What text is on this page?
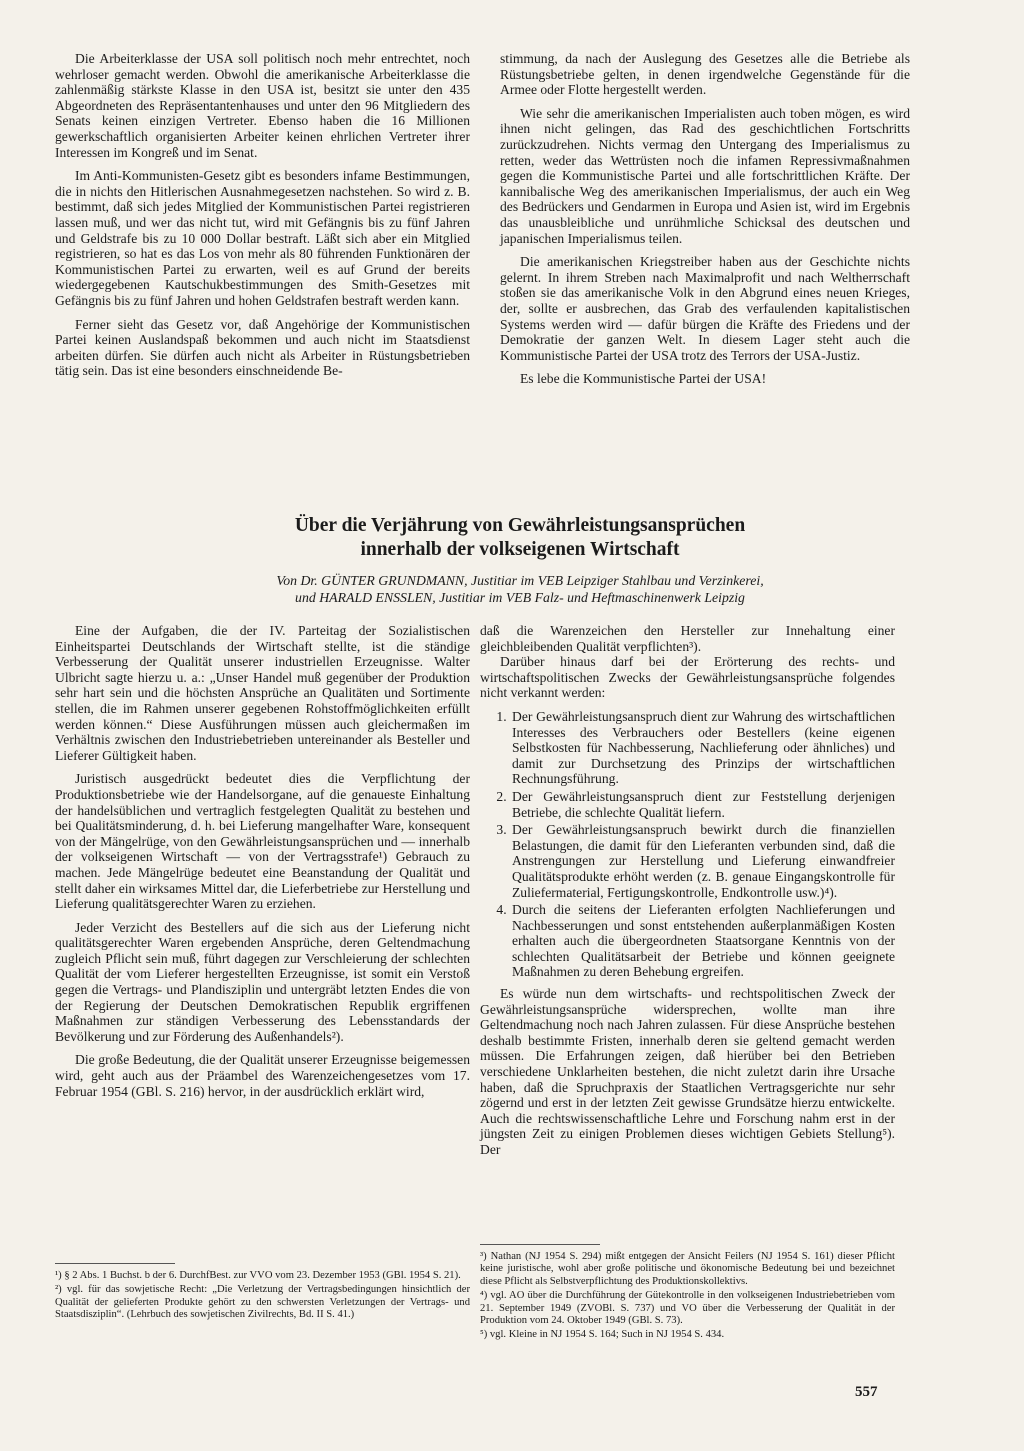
Die Arbeiterklasse der USA soll politisch noch mehr entrechtet, noch wehrloser gemacht werden. Obwohl die amerikanische Arbeiterklasse die zahlenmäßig stärkste Klasse in den USA ist, besitzt sie unter den 435 Abgeordneten des Repräsentantenhauses und unter den 96 Mitgliedern des Senats keinen einzigen Vertreter. Ebenso haben die 16 Millionen gewerkschaftlich organisierten Arbeiter keinen ehrlichen Vertreter ihrer Interessen im Kongreß und im Senat.

Im Anti-Kommunisten-Gesetz gibt es besonders infame Bestimmungen, die in nichts den Hitlerischen Ausnahmegesetzen nachstehen. So wird z. B. bestimmt, daß sich jedes Mitglied der Kommunistischen Partei registrieren lassen muß, und wer das nicht tut, wird mit Gefängnis bis zu fünf Jahren und Geldstrafe bis zu 10 000 Dollar bestraft. Läßt sich aber ein Mitglied registrieren, so hat es das Los von mehr als 80 führenden Funktionären der Kommunistischen Partei zu erwarten, weil es auf Grund der bereits wiedergegebenen Kautschukbestimmungen des Smith-Gesetzes mit Gefängnis bis zu fünf Jahren und hohen Geldstrafen bestraft werden kann.

Ferner sieht das Gesetz vor, daß Angehörige der Kommunistischen Partei keinen Auslandspaß bekommen und auch nicht im Staatsdienst arbeiten dürfen. Sie dürfen auch nicht als Arbeiter in Rüstungsbetrieben tätig sein. Das ist eine besonders einschneidende Be-

stimmung, da nach der Auslegung des Gesetzes alle die Betriebe als Rüstungsbetriebe gelten, in denen irgendwelche Gegenstände für die Armee oder Flotte hergestellt werden.

Wie sehr die amerikanischen Imperialisten auch toben mögen, es wird ihnen nicht gelingen, das Rad des geschichtlichen Fortschritts zurückzudrehen. Nichts vermag den Untergang des Imperialismus zu retten, weder das Wettrüsten noch die infamen Repressivmaßnahmen gegen die Kommunistische Partei und alle fortschrittlichen Kräfte. Der kannibalische Weg des amerikanischen Imperialismus, der auch ein Weg des Bedrückers und Gendarmen in Europa und Asien ist, wird im Ergebnis das unausbleibliche und unrühmliche Schicksal des deutschen und japanischen Imperialismus teilen.

Die amerikanischen Kriegstreiber haben aus der Geschichte nichts gelernt. In ihrem Streben nach Maximalprofit und nach Weltherrschaft stoßen sie das amerikanische Volk in den Abgrund eines neuen Krieges, der, sollte er ausbrechen, das Grab des verfaulenden kapitalistischen Systems werden wird — dafür bürgen die Kräfte des Friedens und der Demokratie der ganzen Welt. In diesem Lager steht auch die Kommunistische Partei der USA trotz des Terrors der USA-Justiz.

Es lebe die Kommunistische Partei der USA!

Über die Verjährung von Gewährleistungsansprüchen
innerhalb der volkseigenen Wirtschaft
Von Dr. GÜNTER GRUNDMANN, Justitiar im VEB Leipziger Stahlbau und Verzinkerei,
und HARALD ENSSLEN, Justitiar im VEB Falz- und Heftmaschinenwerk Leipzig

Eine der Aufgaben, die der IV. Parteitag der Sozialistischen Einheitspartei Deutschlands der Wirtschaft stellte, ist die ständige Verbesserung der Qualität unserer industriellen Erzeugnisse. Walter Ulbricht sagte hierzu u. a.: „Unser Handel muß gegenüber der Produktion sehr hart sein und die höchsten Ansprüche an Qualitäten und Sortimente stellen, die im Rahmen unserer gegebenen Rohstoffmöglichkeiten erfüllt werden können.“ Diese Ausführungen müssen auch gleichermaßen im Verhältnis zwischen den Industriebetrieben untereinander als Besteller und Lieferer Gültigkeit haben.

Juristisch ausgedrückt bedeutet dies die Verpflichtung der Produktionsbetriebe wie der Handelsorgane, auf die genaueste Einhaltung der handelsüblichen und vertraglich festgelegten Qualität zu bestehen und bei Qualitätsminderung, d. h. bei Lieferung mangelhafter Ware, konsequent von der Mängelrüge, von den Gewährleistungsansprüchen und — innerhalb der volkseigenen Wirtschaft — von der Vertragsstrafe¹) Gebrauch zu machen. Jede Mängelrüge bedeutet eine Beanstandung der Qualität und stellt daher ein wirksames Mittel dar, die Lieferbetriebe zur Herstellung und Lieferung qualitätsgerechter Waren zu erziehen.

Jeder Verzicht des Bestellers auf die sich aus der Lieferung nicht qualitätsgerechter Waren ergebenden Ansprüche, deren Geltendmachung zugleich Pflicht sein muß, führt dagegen zur Verschleierung der schlechten Qualität der vom Lieferer hergestellten Erzeugnisse, ist somit ein Verstoß gegen die Vertrags- und Plandisziplin und untergräbt letzten Endes die von der Regierung der Deutschen Demokratischen Republik ergriffenen Maßnahmen zur ständigen Verbesserung des Lebensstandards der Bevölkerung und zur Förderung des Außenhandels²).

Die große Bedeutung, die der Qualität unserer Erzeugnisse beigemessen wird, geht auch aus der Präambel des Warenzeichengesetzes vom 17. Februar 1954 (GBl. S. 216) hervor, in der ausdrücklich erklärt wird,

daß die Warenzeichen den Hersteller zur Innehaltung einer gleichbleibenden Qualität verpflichten³).

Darüber hinaus darf bei der Erörterung des rechts- und wirtschaftspolitischen Zwecks der Gewährleistungsansprüche folgendes nicht verkannt werden:

1. Der Gewährleistungsanspruch dient zur Wahrung des wirtschaftlichen Interesses des Verbrauchers oder Bestellers (keine eigenen Selbstkosten für Nachbesserung, Nachlieferung oder ähnliches) und damit zur Durchsetzung des Prinzips der wirtschaftlichen Rechnungsführung.
2. Der Gewährleistungsanspruch dient zur Feststellung derjenigen Betriebe, die schlechte Qualität liefern.
3. Der Gewährleistungsanspruch bewirkt durch die finanziellen Belastungen, die damit für den Lieferanten verbunden sind, daß die Anstrengungen zur Herstellung und Lieferung einwandfreier Qualitätsprodukte erhöht werden (z. B. genaue Eingangskontrolle für Zuliefermaterial, Fertigungskontrolle, Endkontrolle usw.)⁴).
4. Durch die seitens der Lieferanten erfolgten Nachlieferungen und Nachbesserungen und sonst entstehenden außerplanmäßigen Kosten erhalten auch die übergeordneten Staatsorgane Kenntnis von der schlechten Qualitätsarbeit der Betriebe und können geeignete Maßnahmen zu deren Behebung ergreifen.

Es würde nun dem wirtschafts- und rechtspolitischen Zweck der Gewährleistungsansprüche widersprechen, wollte man ihre Geltendmachung noch nach Jahren zulassen. Für diese Ansprüche bestehen deshalb bestimmte Fristen, innerhalb deren sie geltend gemacht werden müssen. Die Erfahrungen zeigen, daß hierüber bei den Betrieben verschiedene Unklarheiten bestehen, die nicht zuletzt darin ihre Ursache haben, daß die Spruchpraxis der Staatlichen Vertragsgerichte nur sehr zögernd und erst in der letzten Zeit gewisse Grundsätze hierzu entwickelte. Auch die rechtswissenschaftliche Lehre und Forschung nahm erst in der jüngsten Zeit zu einigen Problemen dieses wichtigen Gebiets Stellung⁵). Der

¹) § 2 Abs. 1 Buchst. b der 6. DurchfBest. zur VVO vom 23. Dezember 1953 (GBl. 1954 S. 21).

²) vgl. für das sowjetische Recht: „Die Verletzung der Vertragsbedingungen hinsichtlich der Qualität der gelieferten Produkte gehört zu den schwersten Verletzungen der Vertrags- und Staatsdisziplin“. (Lehrbuch des sowjetischen Zivilrechts, Bd. II S. 41.)

³) Nathan (NJ 1954 S. 294) mißt entgegen der Ansicht Feilers (NJ 1954 S. 161) dieser Pflicht keine juristische, wohl aber große politische und ökonomische Bedeutung bei und bezeichnet diese Pflicht als Selbstverpflichtung des Produktionskollektivs.

⁴) vgl. AO über die Durchführung der Gütekontrolle in den volkseigenen Industriebetrieben vom 21. September 1949 (ZVOBl. S. 737) und VO über die Verbesserung der Qualität in der Produktion vom 24. Oktober 1949 (GBl. S. 73).

⁵) vgl. Kleine in NJ 1954 S. 164; Such in NJ 1954 S. 434.

557
